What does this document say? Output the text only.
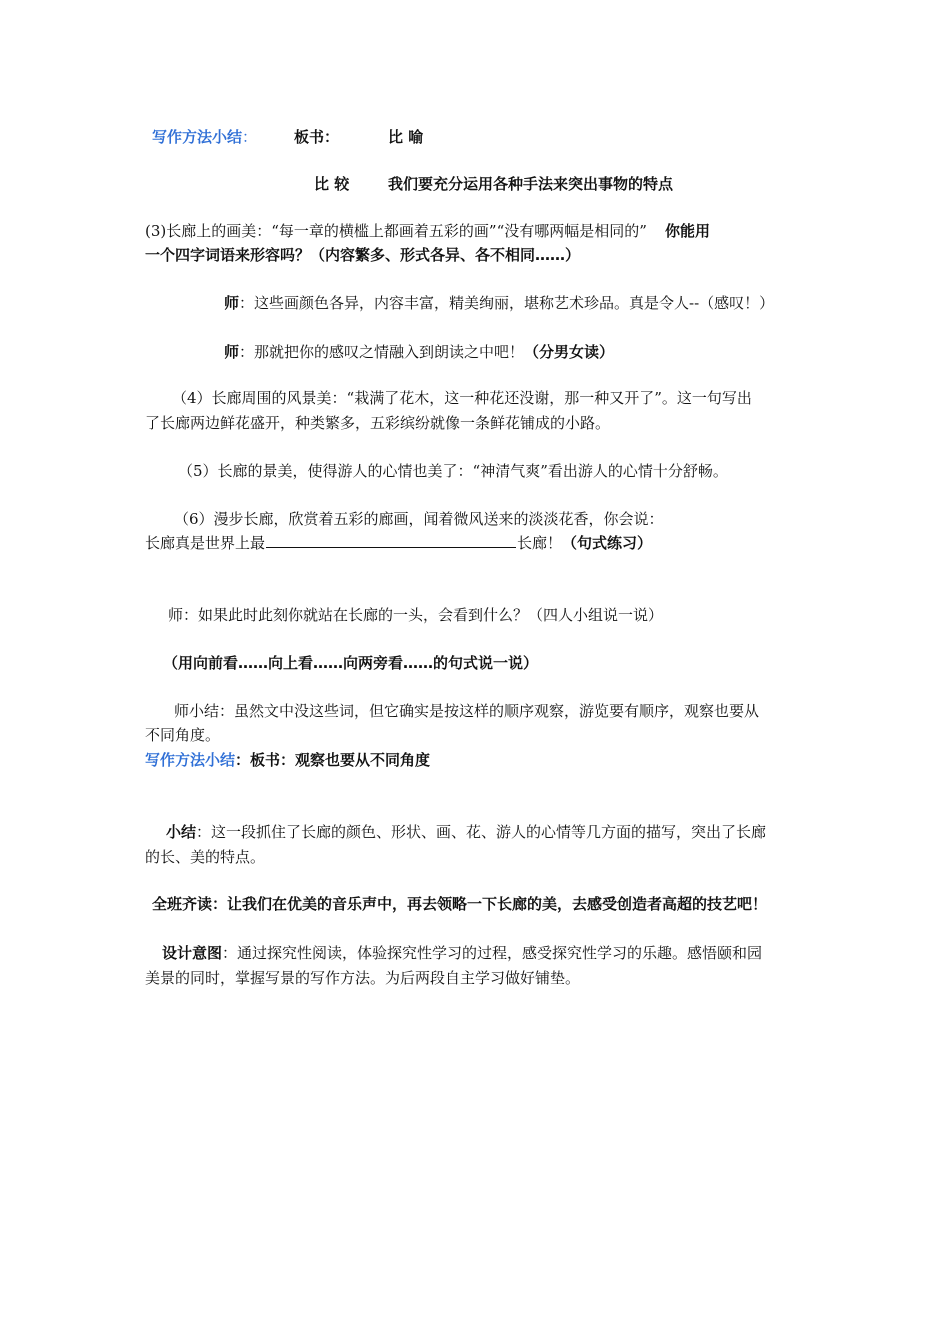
写作方法小结： 板书：	比 喻
比 较	我们要充分运用各种手法来突出事物的特点
(3)长廊上的画美：“每一章的横槛上都画着五彩的画”“没有哪两幅是相同的” 你能用
一个四字词语来形容吗？（内容繁多、形式各异、各不相同……）
师：这些画颜色各异，内容丰富，精美绚丽，堪称艺术珍品。真是令人--（感叹！）
师：那就把你的感叹之情融入到朗读之中吧！（分男女读）
（4）长廊周围的风景美：“栽满了花木，这一种花还没谢，那一种又开了”。这一句写出
了长廊两边鲜花盛开，种类繁多，五彩缤纷就像一条鲜花铺成的小路。
（5）长廊的景美，使得游人的心情也美了：“神清气爽”看出游人的心情十分舒畅。
（6）漫步长廊，欣赏着五彩的廊画，闻着微风送来的淡淡花香，你会说：
长廊真是世界上最	长廊！（句式练习）
师：如果此时此刻你就站在长廊的一头，会看到什么？（四人小组说一说）
（用向前看……向上看……向两旁看……的句式说一说）
师小结：虽然文中没这些词，但它确实是按这样的顺序观察，游览要有顺序，观察也要从
不同角度。
写作方法小结：板书：观察也要从不同角度
小结：这一段抓住了长廊的颜色、形状、画、花、游人的心情等几方面的描写，突出了长廊
的长、美的特点。
全班齐读：让我们在优美的音乐声中，再去领略一下长廊的美，去感受创造者高超的技艺吧！
设计意图：通过探究性阅读，体验探究性学习的过程，感受探究性学习的乐趣。感悟颐和园
美景的同时，掌握写景的写作方法。为后两段自主学习做好铺垫。
